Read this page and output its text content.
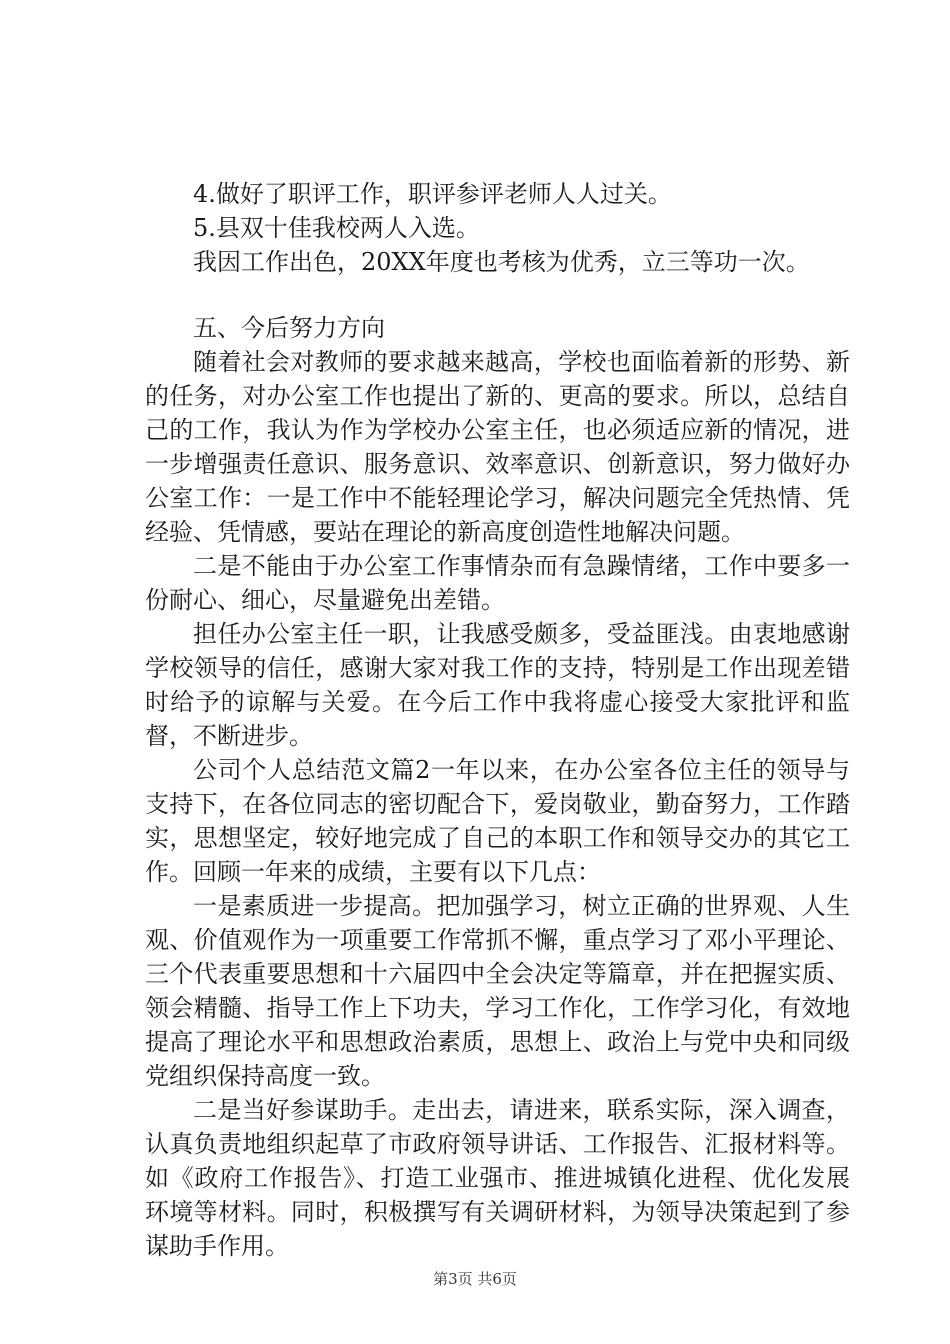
4.做好了职评工作，职评参评老师人人过关。

5.县双十佳我校两人入选。

我因工作出色，20XX年度也考核为优秀，立三等功一次。

五、今后努力方向

随着社会对教师的要求越来越高，学校也面临着新的形势、新的任务，对办公室工作也提出了新的、更高的要求。所以，总结自己的工作，我认为作为学校办公室主任，也必须适应新的情况，进一步增强责任意识、服务意识、效率意识、创新意识，努力做好办公室工作：一是工作中不能轻理论学习，解决问题完全凭热情、凭经验、凭情感，要站在理论的新高度创造性地解决问题。

二是不能由于办公室工作事情杂而有急躁情绪，工作中要多一份耐心、细心，尽量避免出差错。

担任办公室主任一职，让我感受颇多，受益匪浅。由衷地感谢学校领导的信任，感谢大家对我工作的支持，特别是工作出现差错时给予的谅解与关爱。在今后工作中我将虚心接受大家批评和监督，不断进步。

公司个人总结范文篇2一年以来，在办公室各位主任的领导与支持下，在各位同志的密切配合下，爱岗敬业，勤奋努力，工作踏实，思想坚定，较好地完成了自己的本职工作和领导交办的其它工作。回顾一年来的成绩，主要有以下几点：

一是素质进一步提高。把加强学习，树立正确的世界观、人生观、价值观作为一项重要工作常抓不懈，重点学习了邓小平理论、三个代表重要思想和十六届四中全会决定等篇章，并在把握实质、领会精髓、指导工作上下功夫，学习工作化，工作学习化，有效地提高了理论水平和思想政治素质，思想上、政治上与党中央和同级党组织保持高度一致。

二是当好参谋助手。走出去，请进来，联系实际，深入调查，认真负责地组织起草了市政府领导讲话、工作报告、汇报材料等。如《政府工作报告》、打造工业强市、推进城镇化进程、优化发展环境等材料。同时，积极撰写有关调研材料，为领导决策起到了参谋助手作用。

第3页 共6页
